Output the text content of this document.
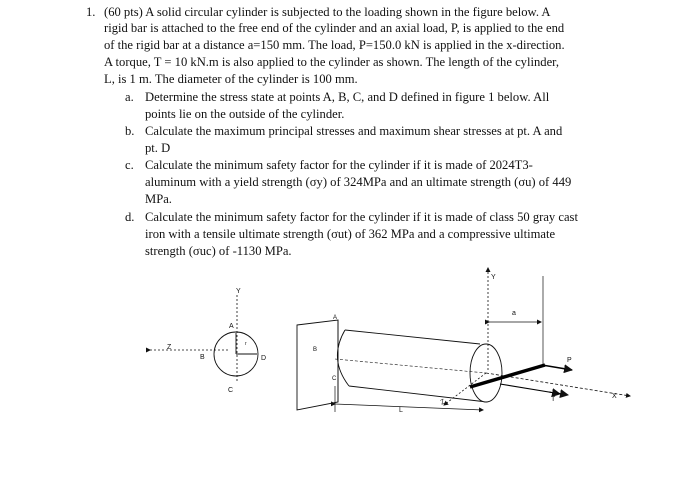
1. (60 pts) A solid circular cylinder is subjected to the loading shown in the figure below. A
rigid bar is attached to the free end of the cylinder and an axial load, P, is applied to the end
of the rigid bar at a distance a=150 mm. The load, P=150.0 kN is applied in the x-direction.
A torque, T = 10 kN.m is also applied to the cylinder as shown. The length of the cylinder,
L, is 1 m. The diameter of the cylinder is 100 mm.
a. Determine the stress state at points A, B, C, and D defined in figure 1 below. All
points lie on the outside of the cylinder.
b. Calculate the maximum principal stresses and maximum shear stresses at pt. A and
pt. D
c. Calculate the minimum safety factor for the cylinder if it is made of 2024T3-
aluminum with a yield strength (σy) of 324MPa and an ultimate strength (σu) of 449
MPa.
d. Calculate the minimum safety factor for the cylinder if it is made of class 50 gray cast
iron with a tensile ultimate strength (σut) of 362 MPa and a compressive ultimate
strength (σuc) of -1130 MPa.
Y
Z
A
B
C
D
r
A
B
C
Y
Z
X
P
T
L
a
